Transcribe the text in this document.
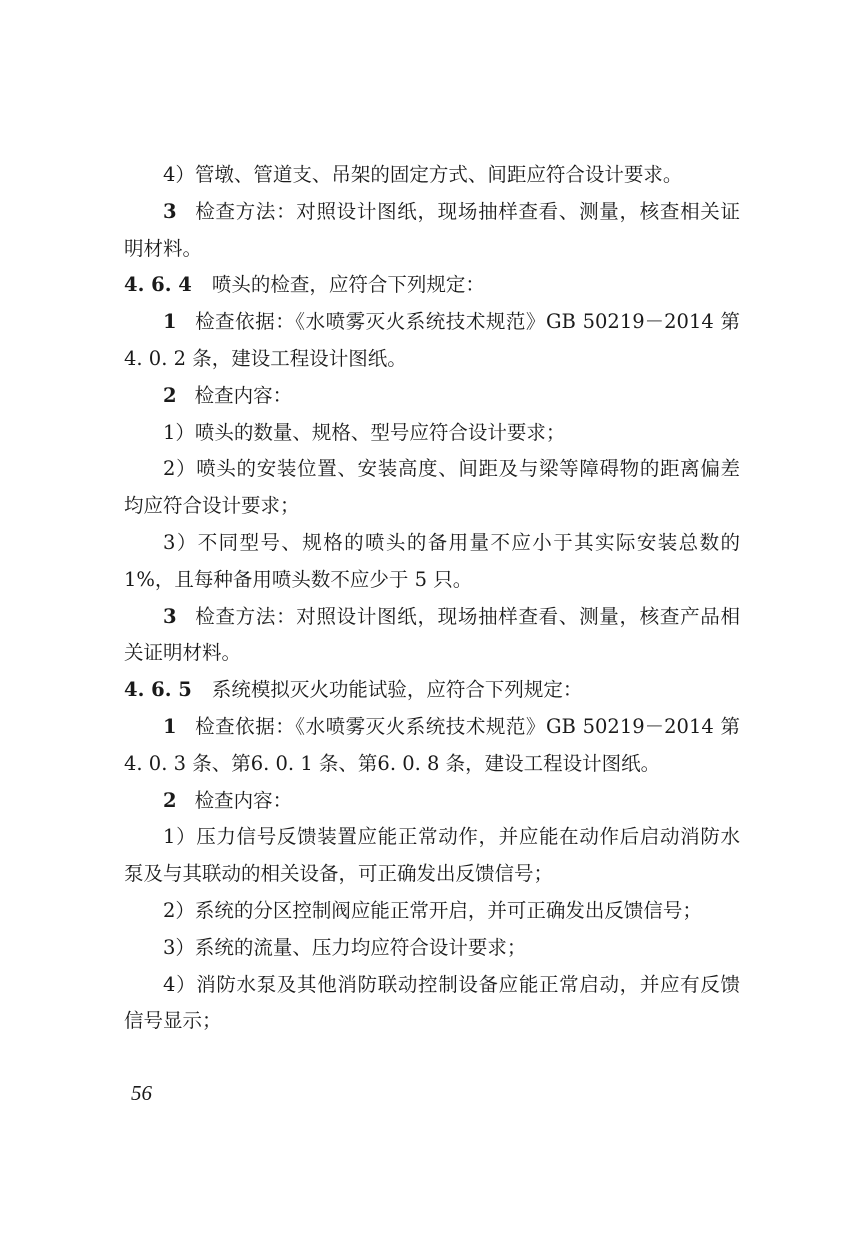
4）管墩、管道支、吊架的固定方式、间距应符合设计要求。

3 检查方法：对照设计图纸，现场抽样查看、测量，核查相关证明材料。

4. 6. 4 喷头的检查，应符合下列规定：

1 检查依据：《水喷雾灭火系统技术规范》GB 50219－2014 第4. 0. 2 条，建设工程设计图纸。

2 检查内容：

1）喷头的数量、规格、型号应符合设计要求；

2）喷头的安装位置、安装高度、间距及与梁等障碍物的距离偏差均应符合设计要求；

3）不同型号、规格的喷头的备用量不应小于其实际安装总数的 1%，且每种备用喷头数不应少于 5 只。

3 检查方法：对照设计图纸，现场抽样查看、测量，核查产品相关证明材料。

4. 6. 5 系统模拟灭火功能试验，应符合下列规定：

1 检查依据：《水喷雾灭火系统技术规范》GB 50219－2014 第4. 0. 3 条、第6. 0. 1 条、第6. 0. 8 条，建设工程设计图纸。

2 检查内容：

1）压力信号反馈装置应能正常动作，并应能在动作后启动消防水泵及与其联动的相关设备，可正确发出反馈信号；

2）系统的分区控制阀应能正常开启，并可正确发出反馈信号；

3）系统的流量、压力均应符合设计要求；

4）消防水泵及其他消防联动控制设备应能正常启动，并应有反馈信号显示；

56
